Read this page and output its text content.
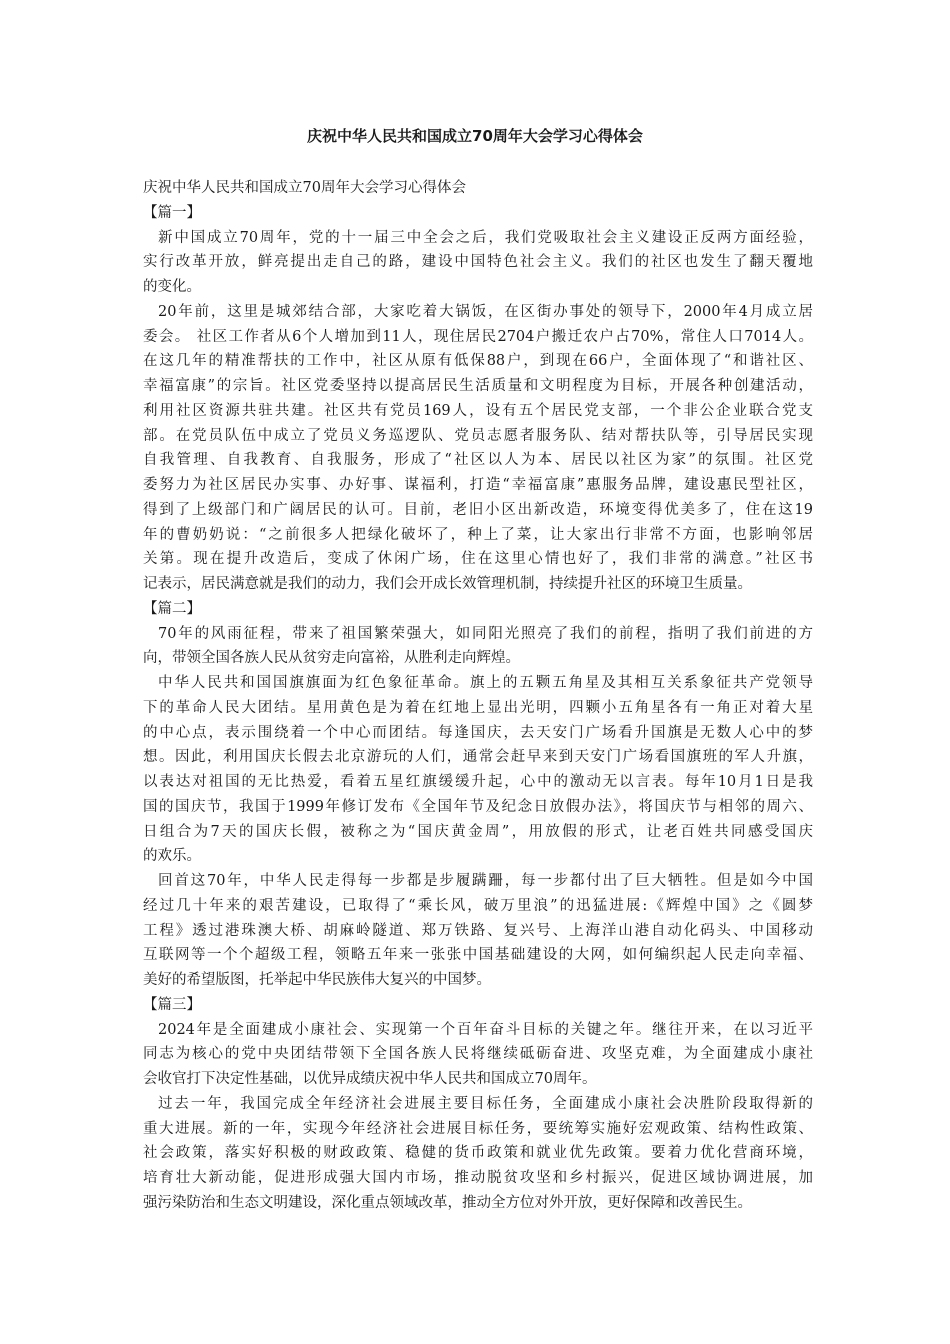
庆祝中华人民共和国成立70周年大会学习心得体会
庆祝中华人民共和国成立70周年大会学习心得体会
【篇一】
新中国成立70周年，党的十一届三中全会之后，我们党吸取社会主义建设正反两方面经验，
实行改革开放，鲜亮提出走自己的路，建设中国特色社会主义。我们的社区也发生了翻天覆地
的变化。
20年前，这里是城郊结合部，大家吃着大锅饭，在区街办事处的领导下，2000年4月成立居
委会。 社区工作者从6个人增加到11人，现住居民2704户搬迁农户占70%，常住人口7014人。
在这几年的精准帮扶的工作中，社区从原有低保88户，到现在66户，全面体现了“和谐社区、
幸福富康”的宗旨。社区党委坚持以提高居民生活质量和文明程度为目标，开展各种创建活动，
利用社区资源共驻共建。社区共有党员169人，设有五个居民党支部，一个非公企业联合党支
部。在党员队伍中成立了党员义务巡逻队、党员志愿者服务队、结对帮扶队等，引导居民实现
自我管理、自我教育、自我服务，形成了“社区以人为本、居民以社区为家”的氛围。社区党
委努力为社区居民办实事、办好事、谋福利，打造“幸福富康”惠服务品牌，建设惠民型社区，
得到了上级部门和广阔居民的认可。目前，老旧小区出新改造，环境变得优美多了，住在这19
年的曹奶奶说：“之前很多人把绿化破坏了，种上了菜，让大家出行非常不方面，也影响邻居
关第。现在提升改造后，变成了休闲广场，住在这里心情也好了，我们非常的满意。”社区书
记表示，居民满意就是我们的动力，我们会开成长效管理机制，持续提升社区的环境卫生质量。
【篇二】
70年的风雨征程，带来了祖国繁荣强大，如同阳光照亮了我们的前程，指明了我们前进的方
向，带领全国各族人民从贫穷走向富裕，从胜利走向辉煌。
中华人民共和国国旗旗面为红色象征革命。旗上的五颗五角星及其相互关系象征共产党领导
下的革命人民大团结。星用黄色是为着在红地上显出光明，四颗小五角星各有一角正对着大星
的中心点，表示围绕着一个中心而团结。每逢国庆，去天安门广场看升国旗是无数人心中的梦
想。因此，利用国庆长假去北京游玩的人们，通常会赶早来到天安门广场看国旗班的军人升旗，
以表达对祖国的无比热爱，看着五星红旗缓缓升起，心中的激动无以言表。每年10月1日是我
国的国庆节，我国于1999年修订发布《全国年节及纪念日放假办法》，将国庆节与相邻的周六、
日组合为7天的国庆长假，被称之为“国庆黄金周”，用放假的形式，让老百姓共同感受国庆
的欢乐。
回首这70年，中华人民走得每一步都是步履蹒跚，每一步都付出了巨大牺牲。但是如今中国
经过几十年来的艰苦建设，已取得了“乘长风，破万里浪”的迅猛进展:《辉煌中国》之《圆梦
工程》透过港珠澳大桥、胡麻岭隧道、郑万铁路、复兴号、上海洋山港自动化码头、中国移动
互联网等一个个超级工程，领略五年来一张张中国基础建设的大网，如何编织起人民走向幸福、
美好的希望版图，托举起中华民族伟大复兴的中国梦。
【篇三】
2024年是全面建成小康社会、实现第一个百年奋斗目标的关键之年。继往开来，在以习近平
同志为核心的党中央团结带领下全国各族人民将继续砥砺奋进、攻坚克难，为全面建成小康社
会收官打下决定性基础，以优异成绩庆祝中华人民共和国成立70周年。
过去一年，我国完成全年经济社会进展主要目标任务，全面建成小康社会决胜阶段取得新的
重大进展。新的一年，实现今年经济社会进展目标任务，要统筹实施好宏观政策、结构性政策、
社会政策，落实好积极的财政政策、稳健的货币政策和就业优先政策。要着力优化营商环境，
培育壮大新动能，促进形成强大国内市场，推动脱贫攻坚和乡村振兴，促进区域协调进展，加
强污染防治和生态文明建设，深化重点领域改革，推动全方位对外开放，更好保障和改善民生。
